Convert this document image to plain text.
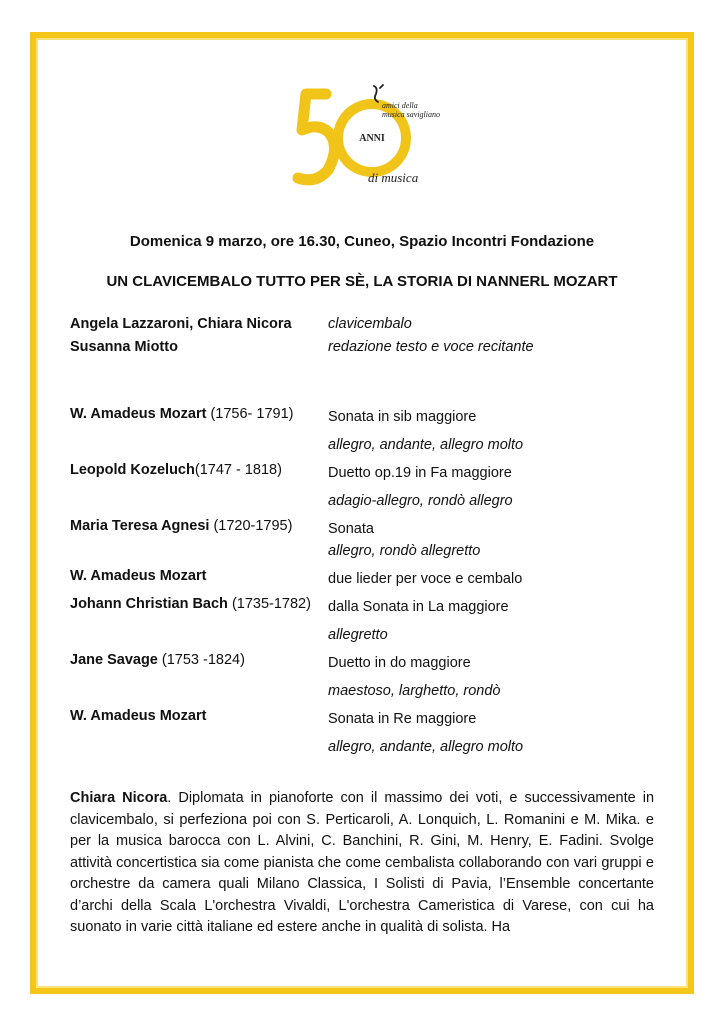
ANNI
amici della
musica savigliano
di musica
Domenica 9 marzo, ore 16.30, Cuneo, Spazio Incontri Fondazione
UN CLAVICEMBALO TUTTO PER SÈ, LA STORIA DI NANNERL MOZART
Angela Lazzaroni, Chiara Nicora	clavicembalo
Susanna Miotto	redazione testo e voce recitante
W. Amadeus Mozart (1756- 1791)	Sonata in sib maggiore
allegro, andante, allegro molto
Leopold Kozeluch(1747 - 1818)	Duetto op.19 in Fa maggiore
adagio-allegro, rondò allegro
Maria Teresa Agnesi (1720-1795)	Sonata
allegro, rondò allegretto
W. Amadeus Mozart	due lieder per voce e cembalo
Johann Christian Bach (1735-1782)	dalla Sonata in La maggiore
allegretto
Jane Savage (1753 -1824)	Duetto in do maggiore
maestoso, larghetto, rondò
W. Amadeus Mozart	Sonata in Re maggiore
allegro, andante, allegro molto
Chiara Nicora. Diplomata in pianoforte con il massimo dei voti, e successivamente in clavicembalo, si perfeziona poi con S. Perticaroli, A. Lonquich, L. Romanini e M. Mika. e per la musica barocca con L. Alvini, C. Banchini, R. Gini, M. Henry, E. Fadini. Svolge attività concertistica sia come pianista che come cembalista collaborando con vari gruppi e orchestre da camera quali Milano Classica, I Solisti di Pavia, l’Ensemble concertante d’archi della Scala L'orchestra Vivaldi, L'orchestra Cameristica di Varese, con cui ha suonato in varie città italiane ed estere anche in qualità di solista. Ha
